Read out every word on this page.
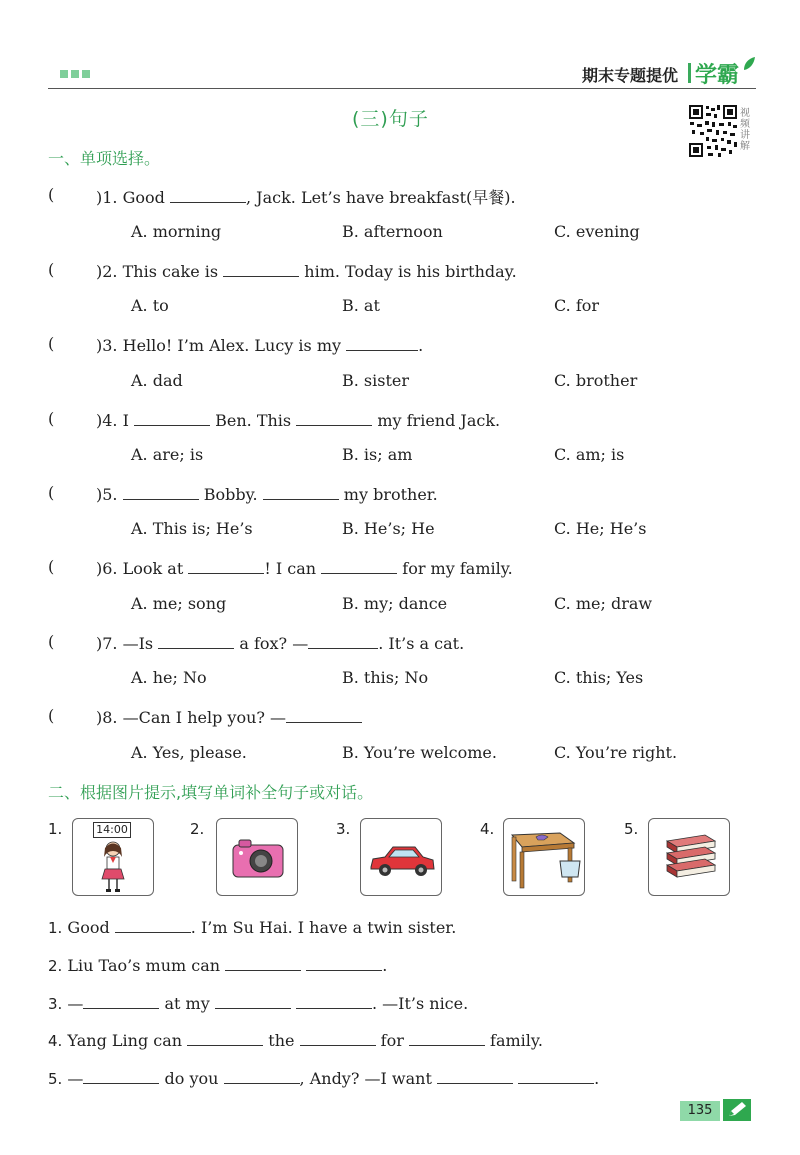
期末专题提优 学霸
(三)句子	视频讲解
一、单项选择。
(	)1. Good	, Jack. Let’s have breakfast(早餐).
A. morning	B. afternoon	C. evening
(	)2. This cake is	him. Today is his birthday.
A. to	B. at	C. for
(	)3. Hello! I’m Alex. Lucy is my	.
A. dad	B. sister	C. brother
(	)4. I	Ben. This	my friend Jack.
A. are; is	B. is; am	C. am; is
(	)5.	Bobby.	my brother.
A. This is; He’s	B. He’s; He	C. He; He’s
(	)6. Look at	! I can	for my family.
A. me; song	B. my; dance	C. me; draw
(	)7. —Is	a fox? —	. It’s a cat.
A. he; No	B. this; No	C. this; Yes
(	)8. —Can I help you? —
A. Yes, please.	B. You’re welcome.	C. You’re right.
二、根据图片提示,填写单词补全句子或对话。
1.	14:00	2.	3.	4.	5.
1. Good	. I’m Su Hai. I have a twin sister.
2. Liu Tao’s mum can	.
3. —	at my	. —It’s nice.
4. Yang Ling can	the	for	family.
5. —	do you	, Andy? —I want	.
135
